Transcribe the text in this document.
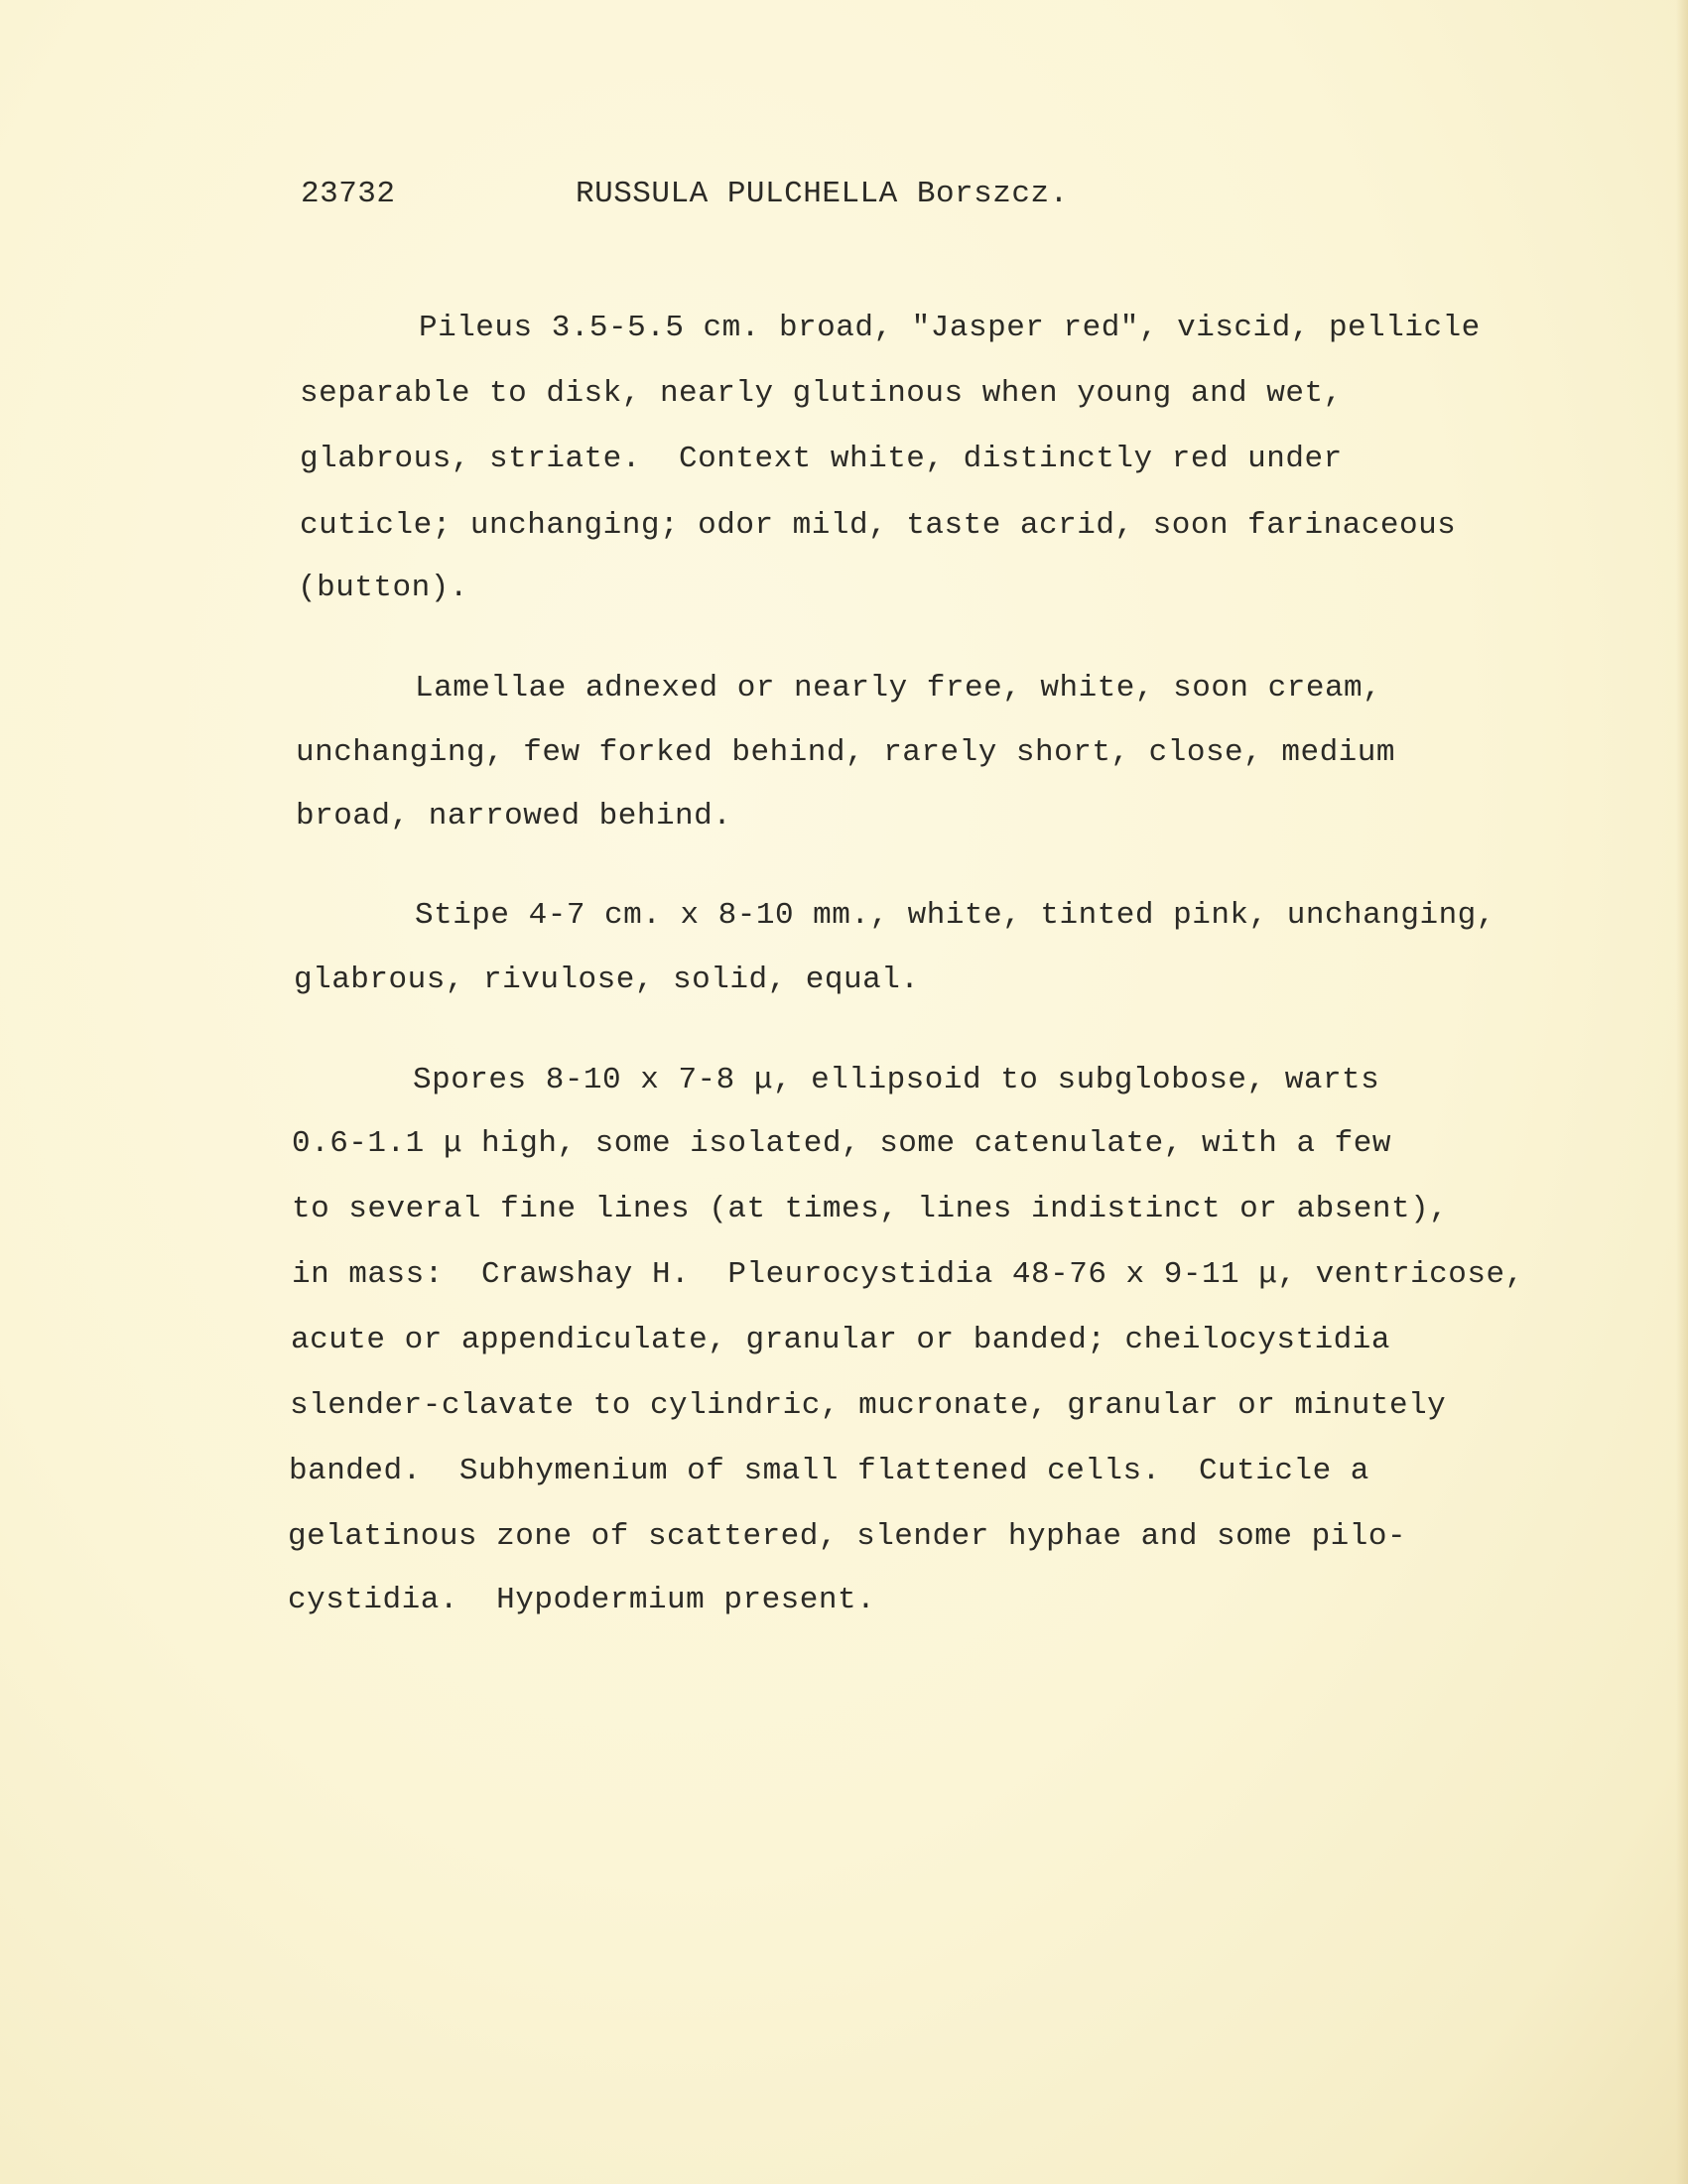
23732	RUSSULA PULCHELLA Borszcz.

Pileus 3.5-5.5 cm. broad, "Jasper red", viscid, pellicle

separable to disk, nearly glutinous when young and wet,

glabrous, striate.  Context white, distinctly red under

cuticle; unchanging; odor mild, taste acrid, soon farinaceous

(button).

Lamellae adnexed or nearly free, white, soon cream,

unchanging, few forked behind, rarely short, close, medium

broad, narrowed behind.

Stipe 4-7 cm. x 8-10 mm., white, tinted pink, unchanging,

glabrous, rivulose, solid, equal.

Spores 8-10 x 7-8 μ, ellipsoid to subglobose, warts

0.6-1.1 μ high, some isolated, some catenulate, with a few

to several fine lines (at times, lines indistinct or absent),

in mass:  Crawshay H.  Pleurocystidia 48-76 x 9-11 μ, ventricose,

acute or appendiculate, granular or banded; cheilocystidia

slender-clavate to cylindric, mucronate, granular or minutely

banded.  Subhymenium of small flattened cells.  Cuticle a

gelatinous zone of scattered, slender hyphae and some pilo-

cystidia.  Hypodermium present.
